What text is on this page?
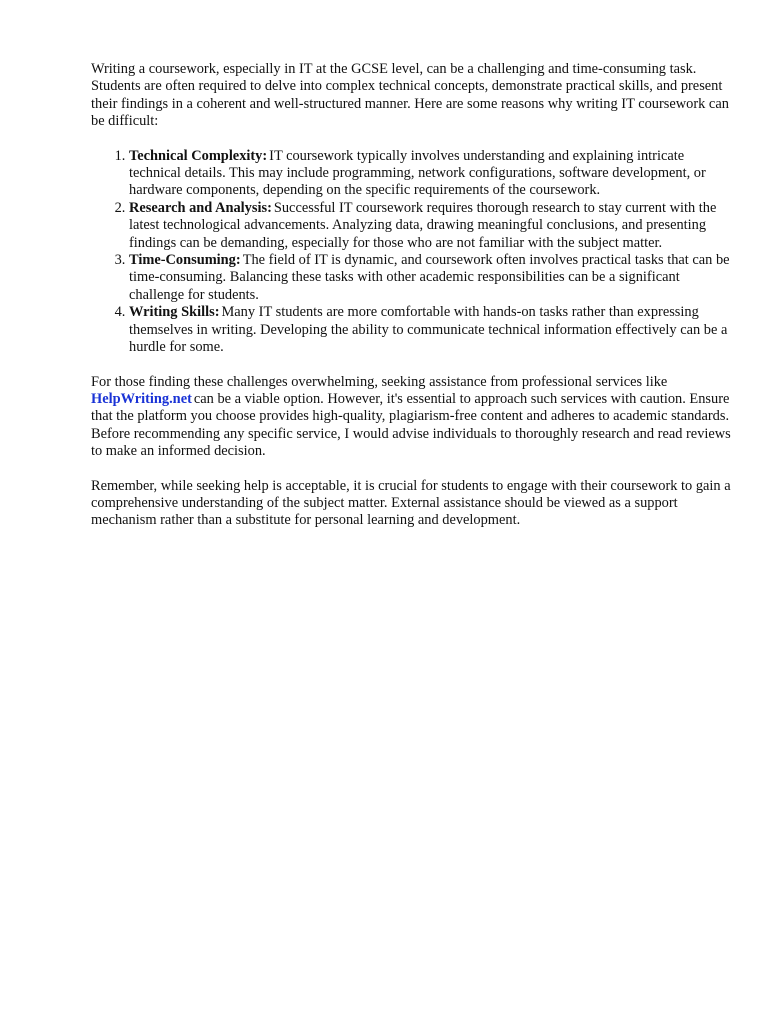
Writing a coursework, especially in IT at the GCSE level, can be a challenging and time-consuming task. Students are often required to delve into complex technical concepts, demonstrate practical skills, and present their findings in a coherent and well-structured manner. Here are some reasons why writing IT coursework can be difficult:

1. Technical Complexity: IT coursework typically involves understanding and explaining intricate technical details. This may include programming, network configurations, software development, or hardware components, depending on the specific requirements of the coursework.
2. Research and Analysis: Successful IT coursework requires thorough research to stay current with the latest technological advancements. Analyzing data, drawing meaningful conclusions, and presenting findings can be demanding, especially for those who are not familiar with the subject matter.
3. Time-Consuming: The field of IT is dynamic, and coursework often involves practical tasks that can be time-consuming. Balancing these tasks with other academic responsibilities can be a significant challenge for students.
4. Writing Skills: Many IT students are more comfortable with hands-on tasks rather than expressing themselves in writing. Developing the ability to communicate technical information effectively can be a hurdle for some.

For those finding these challenges overwhelming, seeking assistance from professional services like HelpWriting.net can be a viable option. However, it's essential to approach such services with caution. Ensure that the platform you choose provides high-quality, plagiarism-free content and adheres to academic standards. Before recommending any specific service, I would advise individuals to thoroughly research and read reviews to make an informed decision.

Remember, while seeking help is acceptable, it is crucial for students to engage with their coursework to gain a comprehensive understanding of the subject matter. External assistance should be viewed as a support mechanism rather than a substitute for personal learning and development.
